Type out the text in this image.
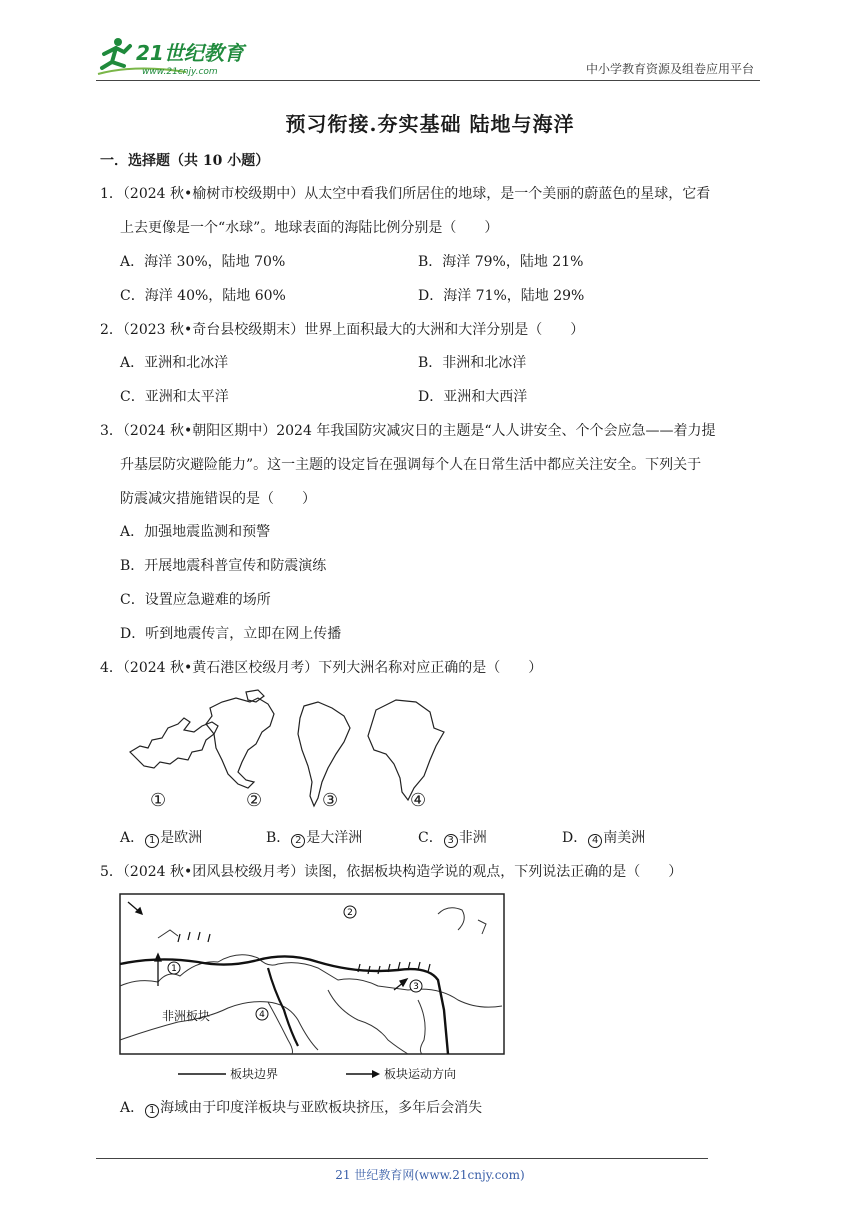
21世纪教育
www.21cnjy.com	中小学教育资源及组卷应用平台
预习衔接.夯实基础 陆地与海洋
一．选择题（共 10 小题）
1．（2024 秋•榆树市校级期中）从太空中看我们所居住的地球，是一个美丽的蔚蓝色的星球，它看
上去更像是一个“水球”。地球表面的海陆比例分别是（　　）
A．海洋 30%，陆地 70%	B．海洋 79%，陆地 21%
C．海洋 40%，陆地 60%	D．海洋 71%，陆地 29%
2．（2023 秋•奇台县校级期末）世界上面积最大的大洲和大洋分别是（　　）
A．亚洲和北冰洋	B．非洲和北冰洋
C．亚洲和太平洋	D．亚洲和大西洋
3．（2024 秋•朝阳区期中）2024 年我国防灾减灾日的主题是“人人讲安全、个个会应急——着力提
升基层防灾避险能力”。这一主题的设定旨在强调每个人在日常生活中都应关注安全。下列关于
防震减灾措施错误的是（　　）
A．加强地震监测和预警
B．开展地震科普宣传和防震演练
C．设置应急避难的场所
D．听到地震传言，立即在网上传播
4．（2024 秋•黄石港区校级月考）下列大洲名称对应正确的是（　　）
①	②	③	④
A． 1 是欧洲	B． 2 是大洋洲	C． 3 非洲	D． 4 南美洲
5．（2024 秋•团风县校级月考）读图，依据板块构造学说的观点，下列说法正确的是（　　）
1
2
3
4
非洲板块
板块边界	板块运动方向
A． 1 海域由于印度洋板块与亚欧板块挤压，多年后会消失
21 世纪教育网(www.21cnjy.com)
